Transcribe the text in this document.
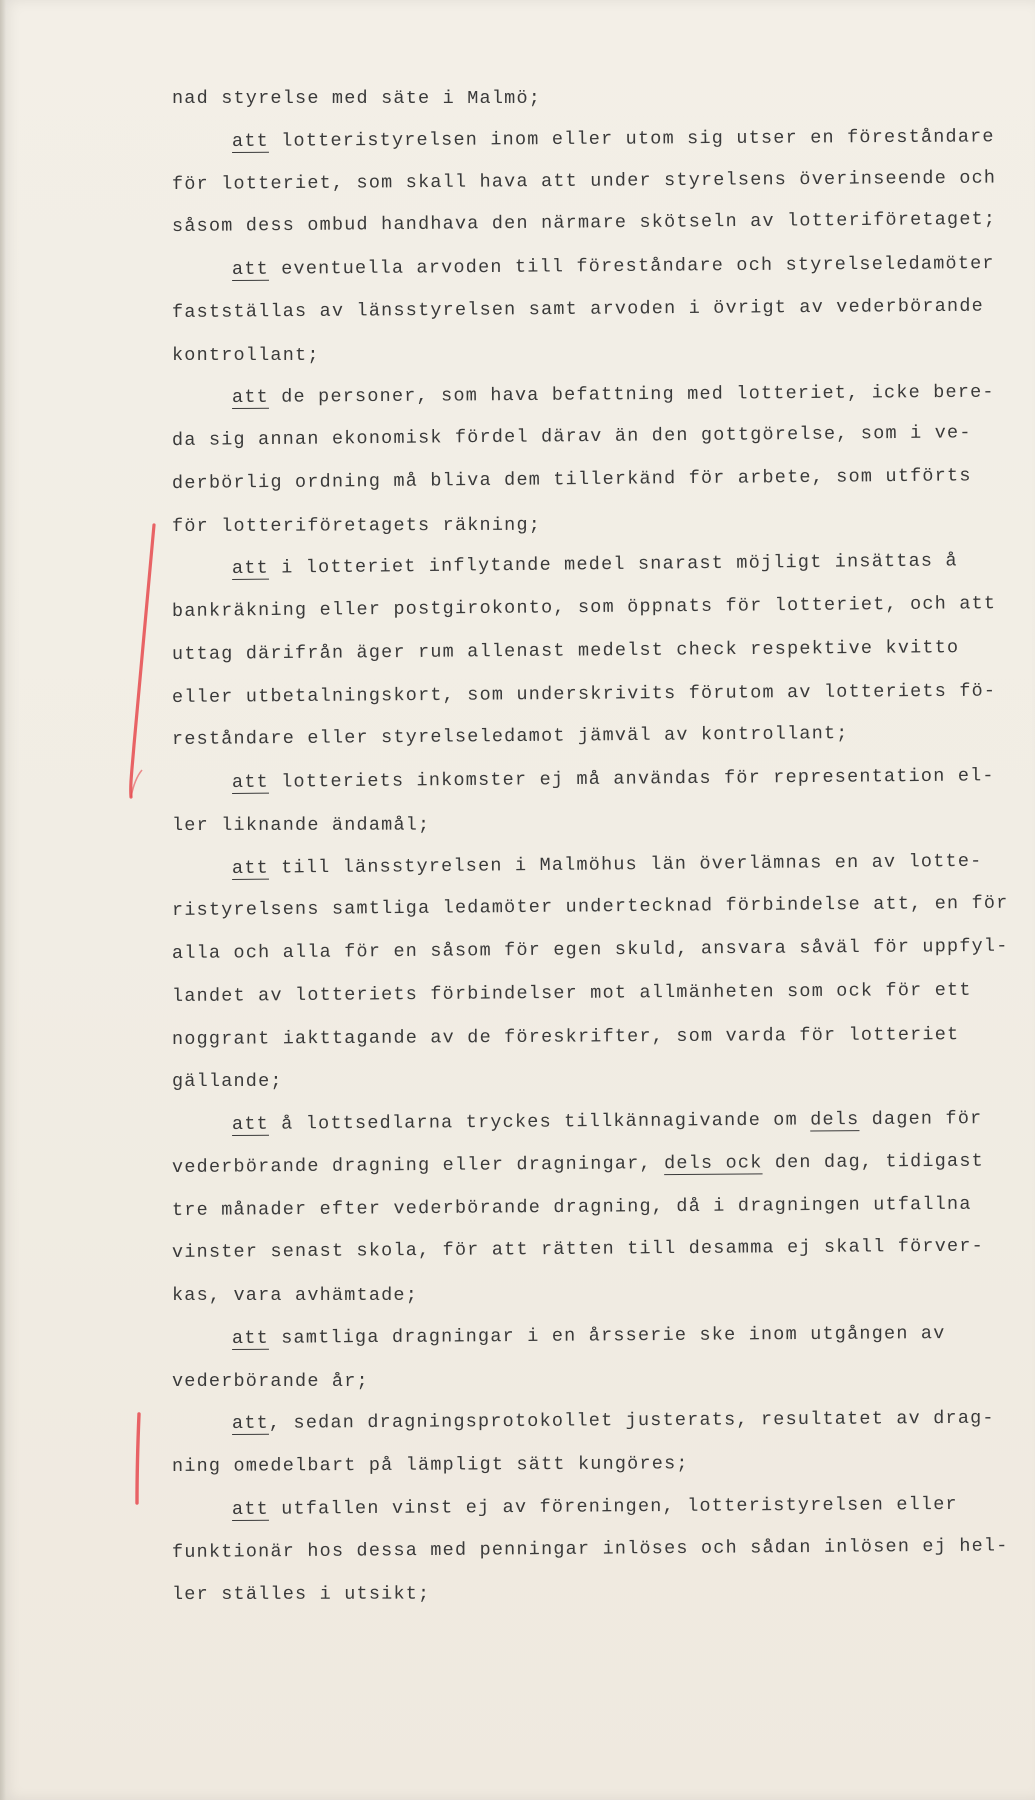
nad styrelse med säte i Malmö;
att lotteristyrelsen inom eller utom sig utser en föreståndare
för lotteriet, som skall hava att under styrelsens överinseende och
såsom dess ombud handhava den närmare skötseln av lotteriföretaget;
att eventuella arvoden till föreståndare och styrelseledamöter
fastställas av länsstyrelsen samt arvoden i övrigt av vederbörande
kontrollant;
att de personer, som hava befattning med lotteriet, icke bere-
da sig annan ekonomisk fördel därav än den gottgörelse, som i ve-
derbörlig ordning må bliva dem tillerkänd för arbete, som utförts
för lotteriföretagets räkning;
att i lotteriet inflytande medel snarast möjligt insättas å
bankräkning eller postgirokonto, som öppnats för lotteriet, och att
uttag därifrån äger rum allenast medelst check respektive kvitto
eller utbetalningskort, som underskrivits förutom av lotteriets fö-
reståndare eller styrelseledamot jämväl av kontrollant;
att lotteriets inkomster ej må användas för representation el-
ler liknande ändamål;
att till länsstyrelsen i Malmöhus län överlämnas en av lotte-
ristyrelsens samtliga ledamöter undertecknad förbindelse att, en för
alla och alla för en såsom för egen skuld, ansvara såväl för uppfyl-
landet av lotteriets förbindelser mot allmänheten som ock för ett
noggrant iakttagande av de föreskrifter, som varda för lotteriet
gällande;
att å lottsedlarna tryckes tillkännagivande om dels dagen för
vederbörande dragning eller dragningar, dels ock den dag, tidigast
tre månader efter vederbörande dragning, då i dragningen utfallna
vinster senast skola, för att rätten till desamma ej skall förver-
kas, vara avhämtade;
att samtliga dragningar i en årsserie ske inom utgången av
vederbörande år;
att, sedan dragningsprotokollet justerats, resultatet av drag-
ning omedelbart på lämpligt sätt kungöres;
att utfallen vinst ej av föreningen, lotteristyrelsen eller
funktionär hos dessa med penningar inlöses och sådan inlösen ej hel-
ler ställes i utsikt;
